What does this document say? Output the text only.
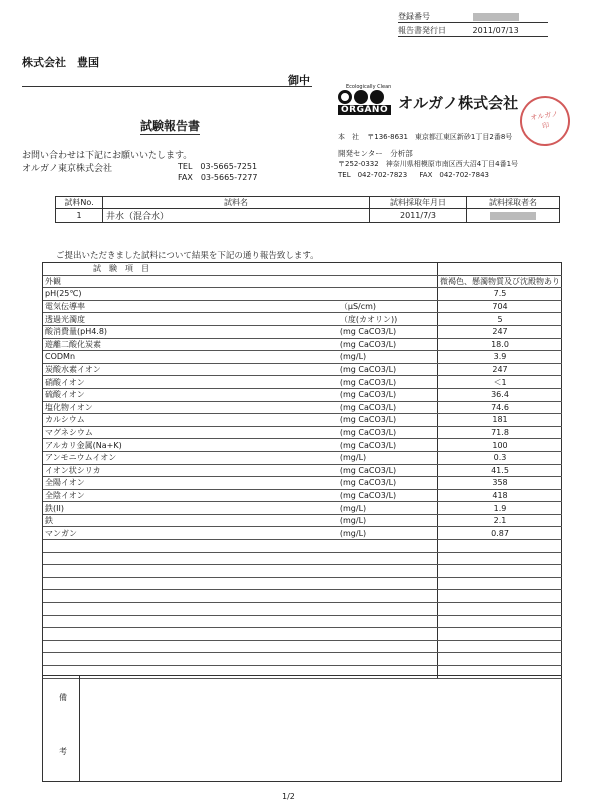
登録番号
報告書発行日	2011/07/13
株式会社　豊国
御中
試験報告書
お問い合わせは下記にお願いいたします。
オルガノ東京株式会社	TEL　03-5665-7251
FAX　03-5665-7277
Ecologically Clean
ORGANO オルガノ株式会社
オルガノ
印
本　社 〒136-8631　東京都江東区新砂1丁目2番8号
開発センター　分析部
〒252-0332　神奈川県相模原市南区西大沼4丁目4番1号
TEL　042-702-7823 FAX　042-702-7843
試料No.	試料名	試料採取年月日	試料採取者名
1	井水（混合水）	2011/7/3	
ご提出いただきました試料について結果を下記の通り報告致します。
試　験　項　目		
外観		微褐色、懸濁物質及び沈殿物あり
pH(25℃)		7.5
電気伝導率	（μS/cm)	704
透過光濁度	（度(カオリン))	5
酸消費量(pH4.8)	(mg CaCO3/L)	247
遊離二酸化炭素	(mg CaCO3/L)	18.0
CODMn	(mg/L)	3.9
炭酸水素イオン	(mg CaCO3/L)	247
硝酸イオン	(mg CaCO3/L)	＜1
硫酸イオン	(mg CaCO3/L)	36.4
塩化物イオン	(mg CaCO3/L)	74.6
カルシウム	(mg CaCO3/L)	181
マグネシウム	(mg CaCO3/L)	71.8
アルカリ金属(Na+K)	(mg CaCO3/L)	100
アンモニウムイオン	(mg/L)	0.3
イオン状シリカ	(mg CaCO3/L)	41.5
全陽イオン	(mg CaCO3/L)	358
全陰イオン	(mg CaCO3/L)	418
鉄(II)	(mg/L)	1.9
鉄	(mg/L)	2.1
マンガン	(mg/L)	0.87

備
考
1/2
